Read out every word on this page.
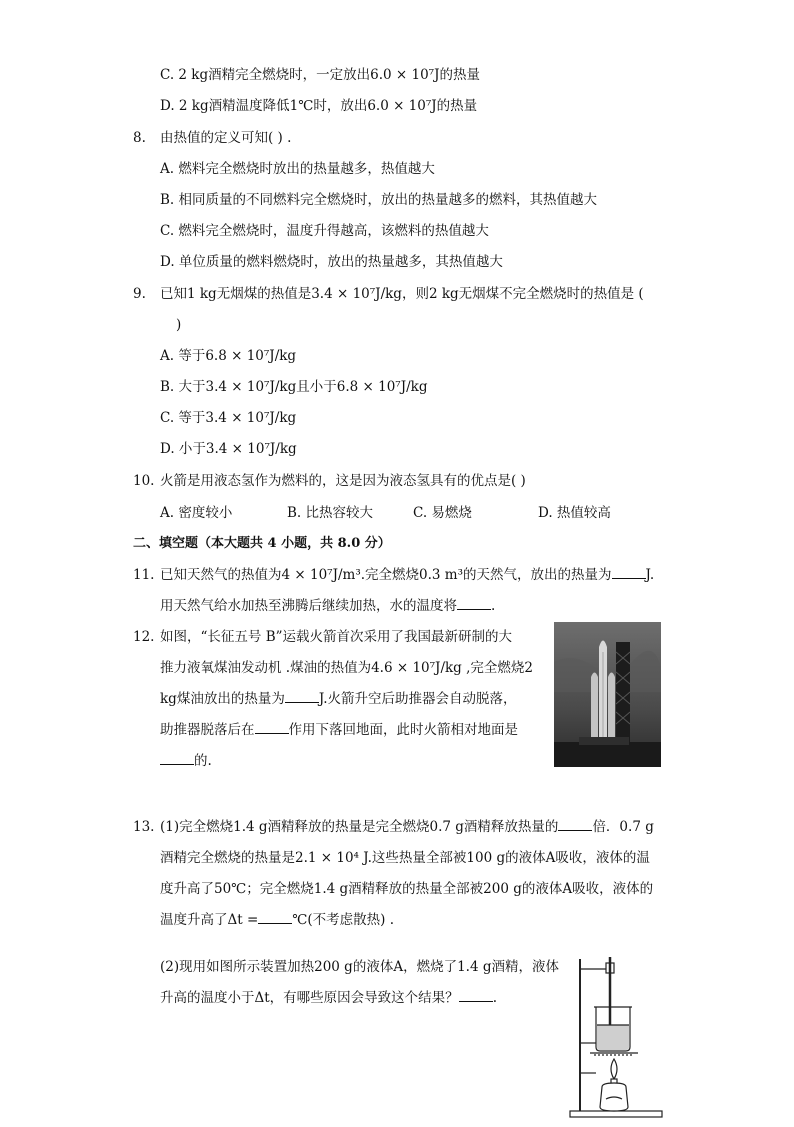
C. 2 kg酒精完全燃烧时，一定放出6.0 × 10⁷J的热量
D. 2 kg酒精温度降低1℃时，放出6.0 × 10⁷J的热量
8. 由热值的定义可知( ) .
A. 燃料完全燃烧时放出的热量越多，热值越大
B. 相同质量的不同燃料完全燃烧时，放出的热量越多的燃料，其热值越大
C. 燃料完全燃烧时，温度升得越高，该燃料的热值越大
D. 单位质量的燃料燃烧时，放出的热量越多，其热值越大
9. 已知1 kg无烟煤的热值是3.4 × 10⁷J/kg，则2 kg无烟煤不完全燃烧时的热值是 (
)
A. 等于6.8 × 10⁷J/kg
B. 大于3.4 × 10⁷J/kg且小于6.8 × 10⁷J/kg
C. 等于3.4 × 10⁷J/kg
D. 小于3.4 × 10⁷J/kg
10. 火箭是用液态氢作为燃料的，这是因为液态氢具有的优点是( )
A. 密度较小	B. 比热容较大	C. 易燃烧	D. 热值较高
二、填空题（本大题共 4 小题，共 8.0 分）
11. 已知天然气的热值为4 × 10⁷J/m³.完全燃烧0.3 m³的天然气，放出的热量为	J.
用天然气给水加热至沸腾后继续加热，水的温度将	.
12. 如图，“长征五号 B”运载火箭首次采用了我国最新研制的大
推力液氧煤油发动机 .煤油的热值为4.6 × 10⁷J/kg ,完全燃烧2
kg煤油放出的热量为	J.火箭升空后助推器会自动脱落，
助推器脱落后在	作用下落回地面，此时火箭相对地面是
的.
13. (1)完全燃烧1.4 g酒精释放的热量是完全燃烧0.7 g酒精释放热量的	倍．0.7 g
酒精完全燃烧的热量是2.1 × 10⁴ J.这些热量全部被100 g的液体A吸收，液体的温
度升高了50℃；完全燃烧1.4 g酒精释放的热量全部被200 g的液体A吸收，液体的
温度升高了Δt =	℃(不考虑散热) .
(2)现用如图所示装置加热200 g的液体A，燃烧了1.4 g酒精，液体
升高的温度小于Δt，有哪些原因会导致这个结果？	.
